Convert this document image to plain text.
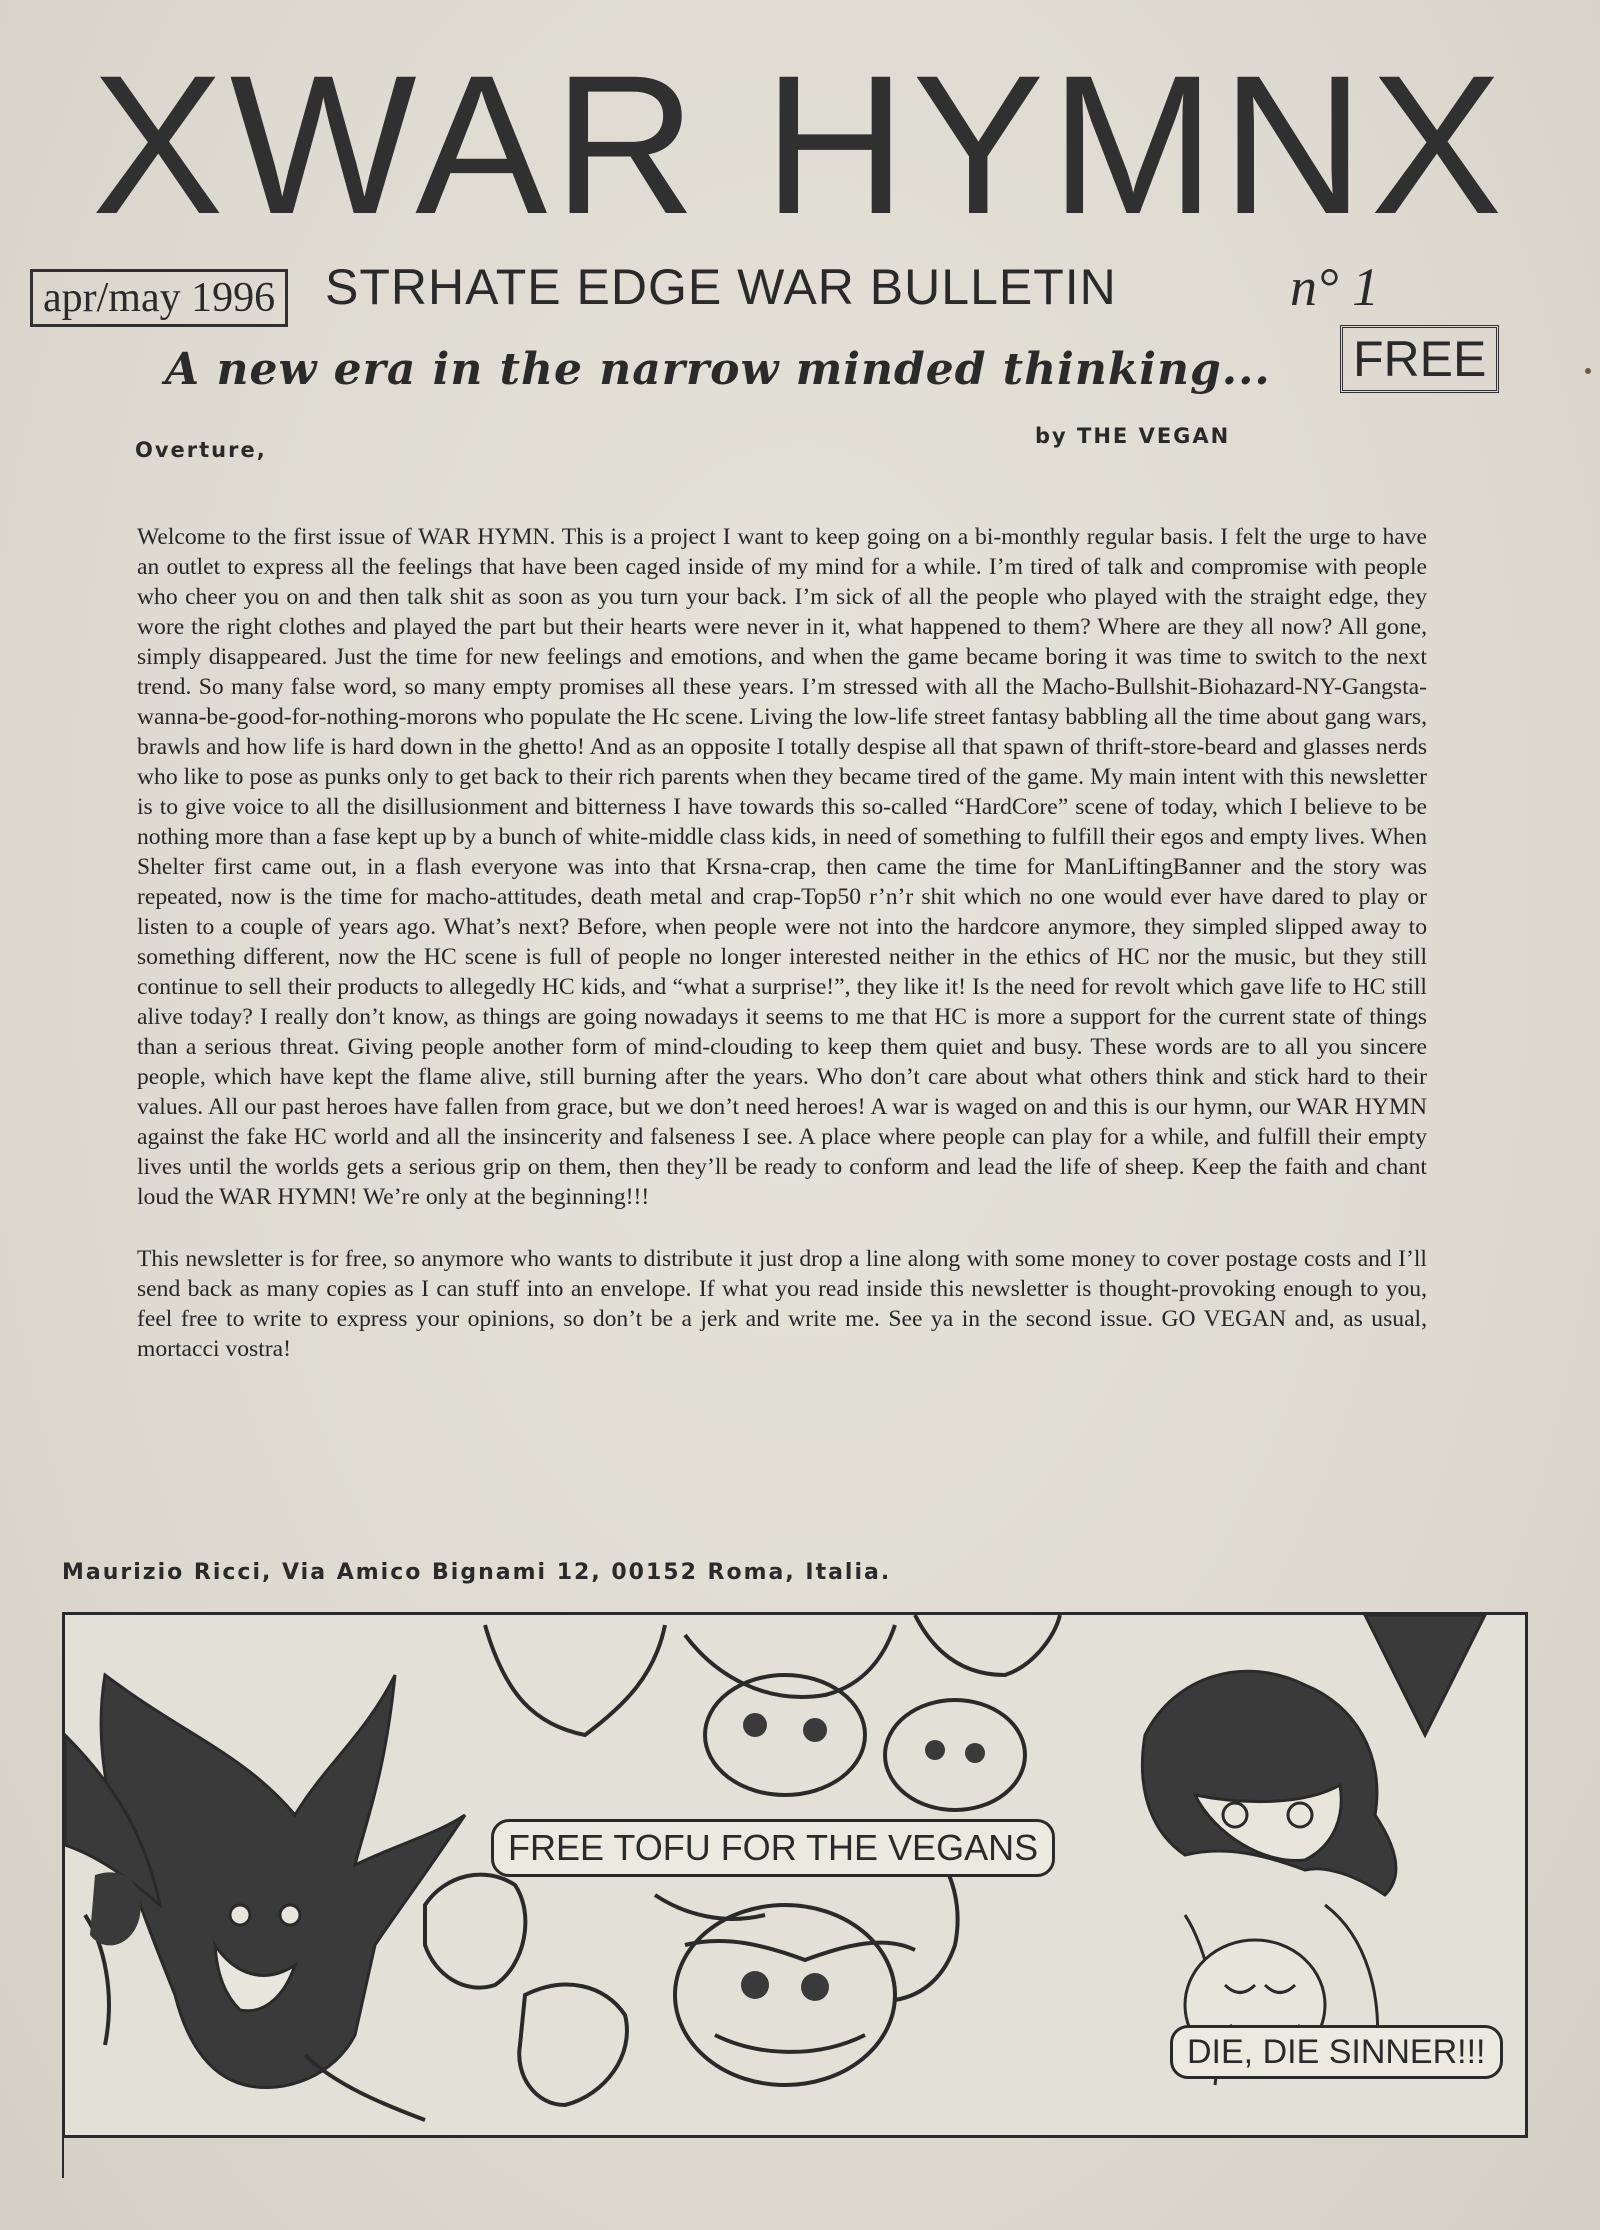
XWAR HYMNX
apr/may 1996 STRHATE EDGE WAR BULLETIN	n° 1
A new era in the narrow minded thinking...	FREE
Overture,
by THE VEGAN

Welcome to the first issue of WAR HYMN. This is a project I want to keep going on a bi-monthly regular basis. I felt the urge to have an outlet to express all the feelings that have been caged inside of my mind for a while. I’m tired of talk and compromise with people who cheer you on and then talk shit as soon as you turn your back. I’m sick of all the people who played with the straight edge, they wore the right clothes and played the part but their hearts were never in it, what happened to them? Where are they all now? All gone, simply disappeared. Just the time for new feelings and emotions, and when the game became boring it was time to switch to the next trend. So many false word, so many empty promises all these years. I’m stressed with all the Macho-Bullshit-Biohazard-NY-Gangsta-wanna-be-good-for-nothing-morons who populate the Hc scene. Living the low-life street fantasy babbling all the time about gang wars, brawls and how life is hard down in the ghetto! And as an opposite I totally despise all that spawn of thrift-store-beard and glasses nerds who like to pose as punks only to get back to their rich parents when they became tired of the game. My main intent with this newsletter is to give voice to all the disillusionment and bitterness I have towards this so-called “HardCore” scene of today, which I believe to be nothing more than a fase kept up by a bunch of white-middle class kids, in need of something to fulfill their egos and empty lives. When Shelter first came out, in a flash everyone was into that Krsna-crap, then came the time for ManLiftingBanner and the story was repeated, now is the time for macho-attitudes, death metal and crap-Top50 r’n’r shit which no one would ever have dared to play or listen to a couple of years ago. What’s next? Before, when people were not into the hardcore anymore, they simpled slipped away to something different, now the HC scene is full of people no longer interested neither in the ethics of HC nor the music, but they still continue to sell their products to allegedly HC kids, and “what a surprise!”, they like it! Is the need for revolt which gave life to HC still alive today? I really don’t know, as things are going nowadays it seems to me that HC is more a support for the current state of things than a serious threat. Giving people another form of mind-clouding to keep them quiet and busy. These words are to all you sincere people, which have kept the flame alive, still burning after the years. Who don’t care about what others think and stick hard to their values. All our past heroes have fallen from grace, but we don’t need heroes! A war is waged on and this is our hymn, our WAR HYMN against the fake HC world and all the insincerity and falseness I see. A place where people can play for a while, and fulfill their empty lives until the worlds gets a serious grip on them, then they’ll be ready to conform and lead the life of sheep. Keep the faith and chant loud the WAR HYMN! We’re only at the beginning!!!

This newsletter is for free, so anymore who wants to distribute it just drop a line along with some money to cover postage costs and I’ll send back as many copies as I can stuff into an envelope. If what you read inside this newsletter is thought-provoking enough to you, feel free to write to express your opinions, so don’t be a jerk and write me. See ya in the second issue. GO VEGAN and, as usual, mortacci vostra!

Maurizio Ricci, Via Amico Bignami 12, 00152 Roma, Italia.
FREE TOFU FOR THE VEGANS
DIE, DIE SINNER!!!
